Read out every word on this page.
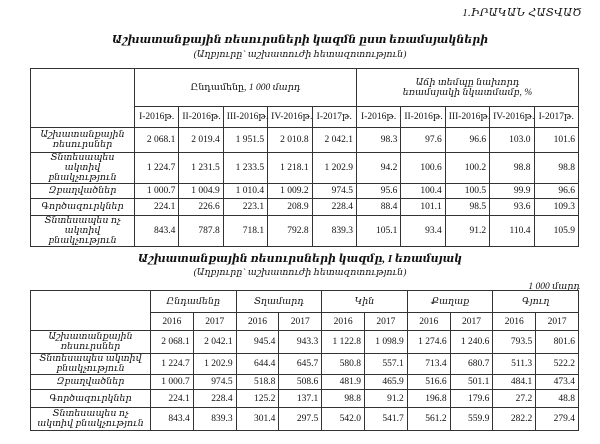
1.ԻՐԱԿԱՆ ՀԱՏՎԱԾ
Աշխատանքային ռեսուրսների կազմն ըստ եռամսյակների
(Աղբյուրը` աշխատուժի հետազոտություն)
	Ընդամենը, 1 000 մարդ					Աճի տեմպը նախորդ
եռամսյակի նկատմամբ, %				

	I-2016թ.	II-2016թ.	III-2016թ.	IV-2016թ.	I-2017թ.	I-2016թ.	II-2016թ.	III-2016թ.	IV-2016թ.	I-2017թ.
Աշխատանքային ռեսուրսներ	2 068.1	2 019.4	1 951.5	2 010.8	2 042.1	98.3	97.6	96.6	103.0	101.6
Տնտեսապես ակտիվ բնակչություն	1 224.7	1 231.5	1 233.5	1 218.1	1 202.9	94.2	100.6	100.2	98.8	98.8
Զբաղվածներ	1 000.7	1 004.9	1 010.4	1 009.2	974.5	95.6	100.4	100.5	99.9	96.6
Գործազուրկներ	224.1	226.6	223.1	208.9	228.4	88.4	101.1	98.5	93.6	109.3
Տնտեսապես ոչ ակտիվ բնակչություն	843.4	787.8	718.1	792.8	839.3	105.1	93.4	91.2	110.4	105.9
Աշխատանքային ռեսուրսների կազմը, I եռամսյակ
(Աղբյուրը` աշխատուժի հետազոտություն)
1 000 մարդ
	Ընդամենը		Տղամարդ		Կին		Քաղաք		Գյուղ	
	2016	2017	2016	2017	2016	2017	2016	2017	2016	2017
Աշխատանքային ռեսուրսներ	2 068.1	2 042.1	945.4	943.3	1 122.8	1 098.9	1 274.6	1 240.6	793.5	801.6
Տնտեսապես ակտիվ բնակչություն	1 224.7	1 202.9	644.4	645.7	580.8	557.1	713.4	680.7	511.3	522.2
Զբաղվածներ	1 000.7	974.5	518.8	508.6	481.9	465.9	516.6	501.1	484.1	473.4
Գործազուրկներ	224.1	228.4	125.2	137.1	98.8	91.2	196.8	179.6	27.2	48.8
Տնտեսապես ոչ ակտիվ բնակչություն	843.4	839.3	301.4	297.5	542.0	541.7	561.2	559.9	282.2	279.4
